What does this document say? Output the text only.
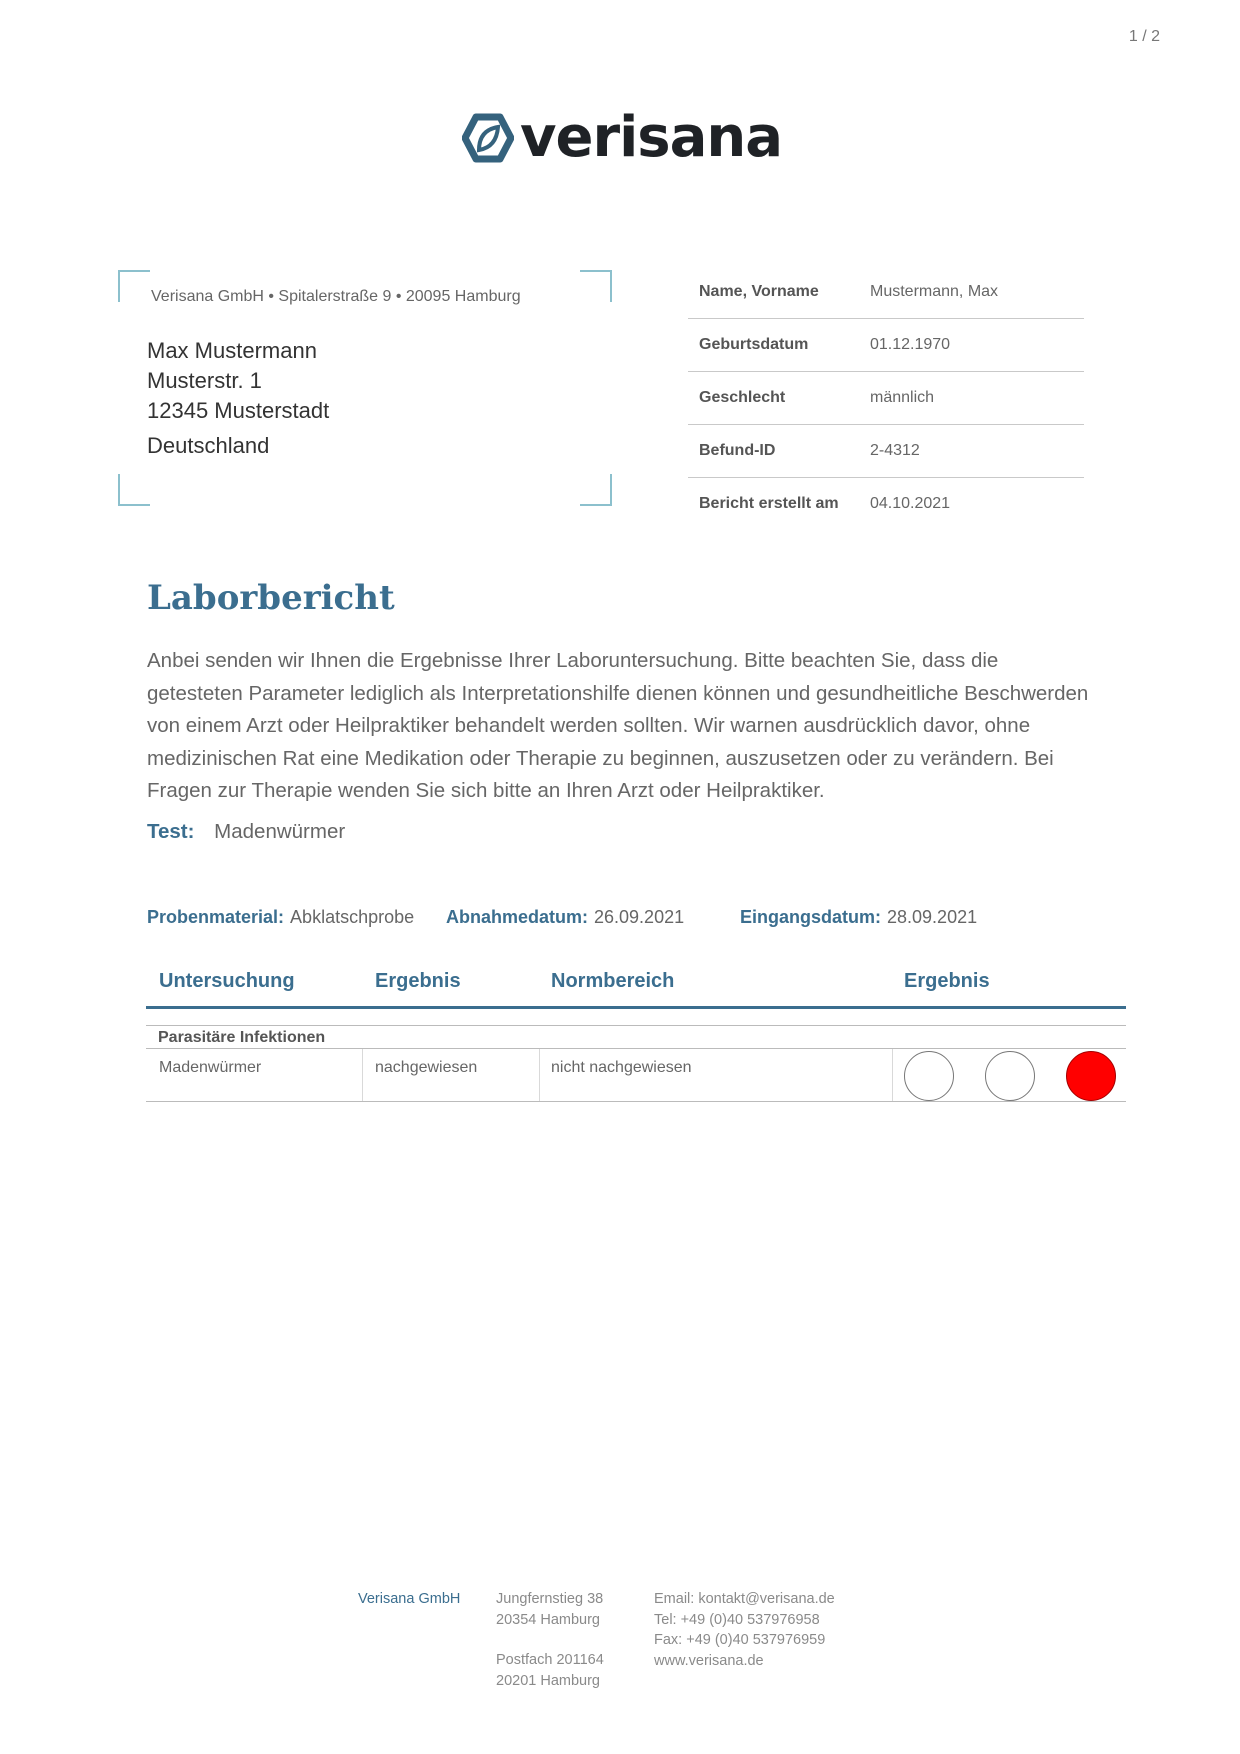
1 / 2
verisana
Verisana GmbH • Spitalerstraße 9 • 20095 Hamburg
Max Mustermann
Musterstr. 1
12345 Musterstadt
Deutschland
Name, Vorname	Mustermann, Max
Geburtsdatum	01.12.1970
Geschlecht	männlich
Befund-ID	2-4312
Bericht erstellt am	04.10.2021
Laborbericht

Anbei senden wir Ihnen die Ergebnisse Ihrer Laboruntersuchung. Bitte beachten Sie, dass die getesteten Parameter lediglich als Interpretationshilfe dienen können und gesundheitliche Beschwerden von einem Arzt oder Heilpraktiker behandelt werden sollten. Wir warnen ausdrücklich davor, ohne medizinischen Rat eine Medikation oder Therapie zu beginnen, auszusetzen oder zu verändern. Bei Fragen zur Therapie wenden Sie sich bitte an Ihren Arzt oder Heilpraktiker.

Test: Madenwürmer
Probenmaterial: Abklatschprobe Abnahmedatum: 26.09.2021	Eingangsdatum: 28.09.2021
Untersuchung	Ergebnis	Normbereich	Ergebnis
Parasitäre Infektionen
Madenwürmer	nachgewiesen	nicht nachgewiesen
Verisana GmbH Jungfernstieg 38
20354 Hamburg
Postfach 201164
20201 Hamburg
Email: kontakt@verisana.de
Tel: +49 (0)40 537976958
Fax: +49 (0)40 537976959
www.verisana.de
